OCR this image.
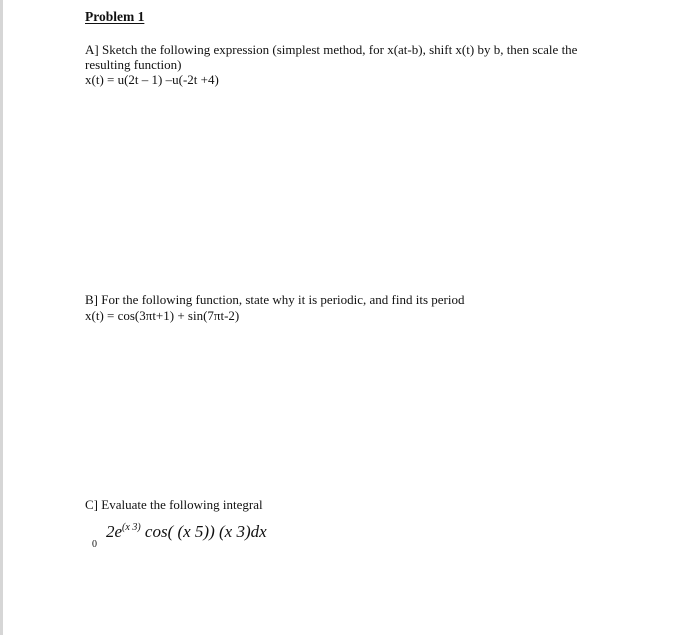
Problem 1
A] Sketch the following expression (simplest method, for x(at-b), shift x(t) by b, then scale the
resulting function)
x(t) = u(2t – 1) –u(-2t +4)
B] For the following function, state why it is periodic, and find its period
x(t) = cos(3πt+1) + sin(7πt-2)
C] Evaluate the following integral
0
$2e^{(x 3)}$ cos( (x 5)) (x 3)dx
